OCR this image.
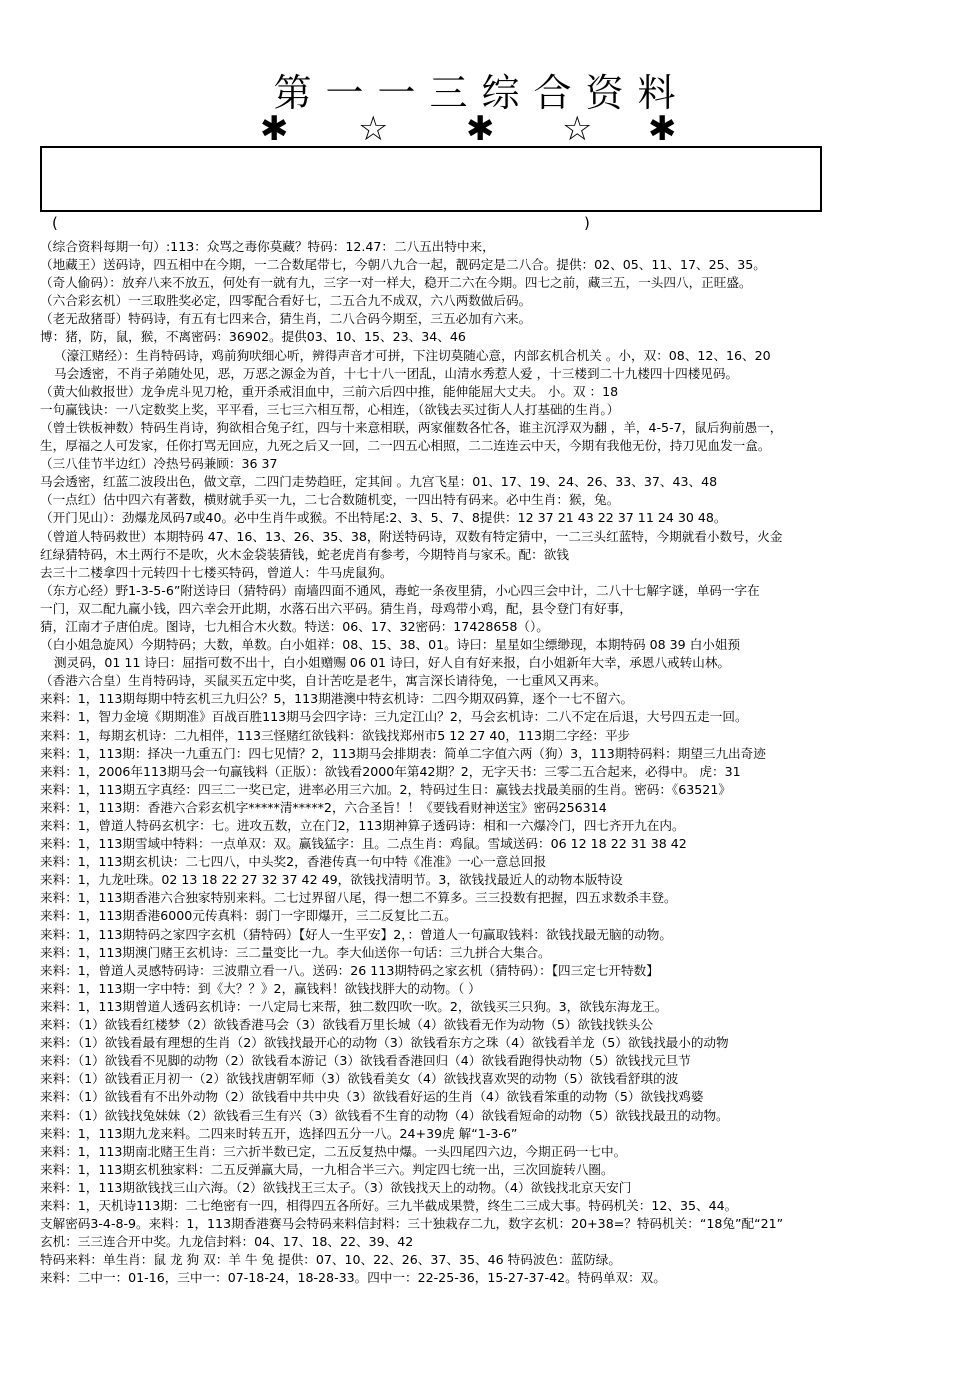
第一一三综合资料
✱ ☆ ✱ ☆ ✱
(	)
（综合资料每期一句）:113：众骂之毒你莫藏？特码：12.47：二八五出特中来，
（地藏王）送码诗，四五相中在今期，一二合数尾带七，今朝八九合一起，靓码定是二八合。提供：02、05、11、17、25、35。
（奇人偷码）：放弃八来不放五，何处有一就有九，三字一对一样大，稳开二六在今期。四七之前，藏三五，一头四八，正旺盛。
（六合彩玄机）一三取胜奖必定，四零配合看好七，二五合九不成双，六八两数做后码。
（老无敌猪哥）特码诗，有五有七四来合，猜生肖，二八合码今期至，三五必加有六来。
博：猪，防，鼠，猴，不离密码：36902。提供03、10、15、23、34、46
（濠江赌经）：生肖特码诗，鸡前狗吠细心听，辨得声音才可拼，下注切莫随心意，内部玄机合机关 。小，双：08、12、16、20
马会透密，不肖子弟随处见，恶，万恶之源金为首，十七十八一团乱，山清水秀惹人爱 ，十三楼到二十九楼四十四楼见码。
（黄大仙救报世）龙争虎斗见刀枪，重开杀戒泪血中，三前六后四中推，能伸能屈大丈夫。 小。双 ：18
一句赢钱诀：一八定数奖上奖，平平看，三七三六相互帮，心相连，（欲钱去买过街人人打基础的生肖。）
（曾士铁板神数）特码生肖诗，狗欲相合兔子红，四与十来意相联，两家催数各忙各，谁主沉浮双为翻 ，羊，4-5-7，鼠后狗前愚一，
生，厚福之人可发家，任你打骂无回应，九死之后又一回，二一四五心相照，二二连连云中天，今期有我他无份，持刀见血发一盒。
（三八佳节半边红）冷热号码兼顾：36 37
马会透密，红蓝二波段出色，做文章，二四门走势趋旺，定其间 。九宫飞星：01、17、19、24、26、33、37、43、48
（一点红）估中四六有著数，横财就手买一九，二七合数随机变，一四出特有码来。必中生肖：猴，兔。
（开门见山）：劲爆龙凤码7或40。必中生肖牛或猴。不出特尾:2、3、5、7、8提供：12 37 21 43 22 37 11 24 30 48。
（曾道人特码救世）本期特码 47、16、13、26、35、38，附送特码诗，双数有特定猜中，一二三头红蓝特，今期就看小数号，火金
红绿猜特码，木土两行不是吹，火木金袋装猜钱，蛇老虎肖有参考，今期特肖与家禾。配：欲钱
去三十二楼拿四十元转四十七楼买特码，曾道人：牛马虎鼠狗。
（东方心经）野1-3-5-6”附送诗曰（猜特码）南墙四面不通风，毒蛇一条夜里猜，小心四三会中计，二八十七解字谜，单码一字在
一门，双二配九赢小钱，四六幸会开此期，水落石出六平码。猜生肖，母鸡带小鸡，配，县令登门有好事，
猜，江南才子唐伯虎。图诗，七九相合木火数。特送：06、17、32密码：17428658（）。
（白小姐急旋风）今期特码；大数，单数。白小姐祥：08、15、38、01。诗曰：星星如尘缥缈现，本期特码 08 39 白小姐预
测灵码，01 11 诗曰：屈指可数不出十，白小姐赠赐 06 01 诗曰，好人自有好来报，白小姐新年大幸，承恩八戒转山林。
（香港六合皇）生肖特码诗，买鼠买五定中奖，自计苦吃是老牛，寓言深长请待兔，一七重风又再来。
来料：1，113期每期中特玄机三九归公？5，113期港澳中特玄机诗：二四今期双码算，逐个一七不留六。
来料：1，智力金境《期期准》百战百胜113期马会四字诗：三九定江山？2，马会玄机诗：二八不定在后退，大号四五走一回。
来料：1，每期玄机诗：二九相伴，113三怪赌红欲钱料：欲钱找郑州市5 12 27 40，113期二字经：平步
来料：1，113期：择决一九重五门：四七见情？2，113期马会排期表：简单二字值六两（狗）3，113期特码料：期望三九出奇迹
来料：1，2006年113期马会一句赢钱料（正版）：欲钱看2000年第42期？2，无字天书：三零二五合起来，必得中。 虎：31
来料：1，113期五字真经：四三二一奖已定，进率必用三六加。2，特码过生日：赢钱去找最美丽的生肖。密码：《63521》
来料：1，113期：香港六合彩玄机字*****清*****2，六合圣旨！！《要钱看财神送宝》密码256314
来料：1，曾道人特码玄机字：七。进攻五数，立在门2，113期神算子透码诗：相和一六爆冷门，四七齐开九在内。
来料：1，113期雪域中特料：一点单双：双。赢钱猛字：且。二点生肖：鸡鼠。雪域送码：06 12 18 22 31 38 42
来料：1，113期玄机诀：二七四八，中头奖2，香港传真一句中特《准准》一心一意总回报
来料：1，九龙吐珠。02 13 18 22 27 32 37 42 49，欲钱找清明节。3，欲钱找最近人的动物本版特设
来料：1，113期香港六合独家特别来料。二七过界留八尾，得一想二不算多。三三投数有把握，四五求数杀丰登。
来料：1，113期香港6000元传真料：弱门一字即爆开，三二反复比二五。
来料：1，113期特码之家四字玄机（猜特码）【好人一生平安】2，：曾道人一句赢取钱料：欲钱找最无脑的动物。
来料：1，113期澳门赌王玄机诗：三二量变比一九。李大仙送你一句话：三九拼合大集合。
来料：1，曾道人灵感特码诗：三波鼎立看一八。送码：26 113期特码之家玄机（猜特码）：【四三定七开特数】
来料：1，113期一字中特：到《大？？》2，赢钱料！欲钱找胖大的动物。（ ）
来料：1，113期曾道人透码玄机诗：一八定局七来帮，独二数四吹一吹。2，欲钱买三只狗。3，欲钱东海龙王。
来料：（1）欲钱看红楼梦（2）欲钱香港马会（3）欲钱看万里长城（4）欲钱看无作为动物（5）欲钱找铁头公
来料：（1）欲钱看最有理想的生肖（2）欲钱找最开心的动物（3）欲钱看东方之珠（4）欲钱看羊龙（5）欲钱找最小的动物
来料：（1）欲钱看不见脚的动物（2）欲钱看本游记（3）欲钱看香港回归（4）欲钱看跑得快动物（5）欲钱找元旦节
来料：（1）欲钱看正月初一（2）欲钱找唐朝军师（3）欲钱看美女（4）欲钱找喜欢哭的动物（5）欲钱看舒琪的波
来料：（1）欲钱看有不出外动物（2）欲钱看中共中央（3）欲钱看好运的生肖（4）欲钱看笨重的动物（5）欲钱找鸡婆
来料：（1）欲钱找兔妹妹（2）欲钱看三生有兴（3）欲钱看不生育的动物（4）欲钱看短命的动物（5）欲钱找最丑的动物。
来料：1，113期九龙来料。二四来时转五开，选择四五分一八。24+39虎 解“1-3-6”
来料：1，113期南北赌王生肖：三六折半数已定，二五反复热中爆。一头四尾四六边，今期正码一七中。
来料：1，113期玄机独家料：二五反弹赢大局，一九相合半三六。判定四七统一出，三次回旋转八圈。
来料：1，113期欲钱找三山六海。（2）欲钱找王三太子。（3）欲钱找天上的动物。（4）欲钱找北京天安门
来料：1，天机诗113期：二七绝密有一四，相得四五各所好。三九半截成果赞，终生二三成大事。特码机关：12、35、44。
支解密码3-4-8-9。来料：1，113期香港赛马会特码来料信封料：三十独栽存二九，数字玄机：20+38=？特码机关：“18兔”配“21”
玄机：三三连合开中奖。九龙信封料：04、17、18、22、39、42
特码来料：单生肖：鼠 龙 狗 双：羊 牛 兔 提供：07、10、22、26、37、35、46 特码波色：蓝防绿。
来料：二中一：01-16，三中一：07-18-24，18-28-33。四中一：22-25-36，15-27-37-42。特码单双：双。
